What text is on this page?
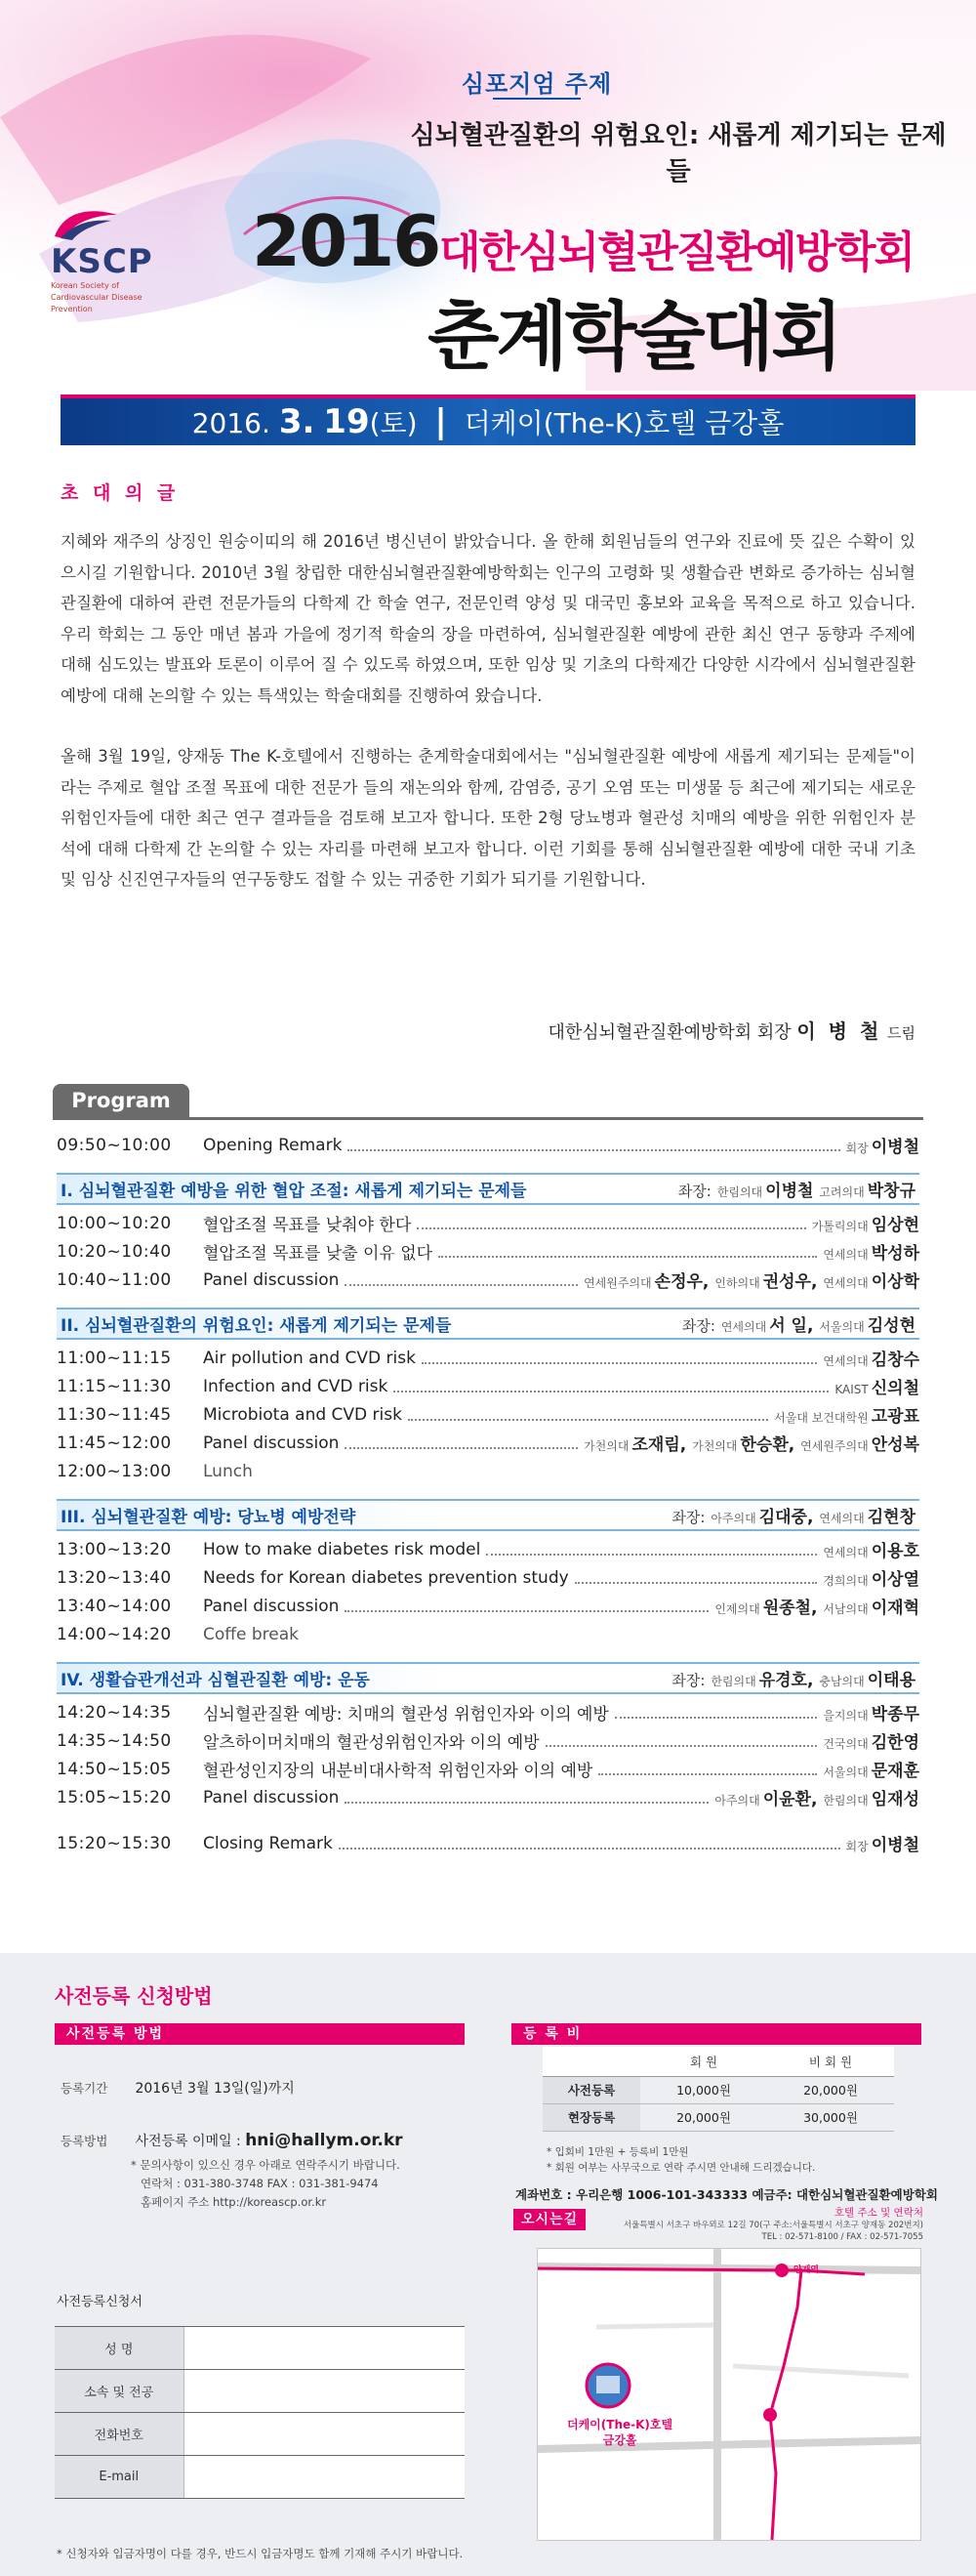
심포지엄 주제
심뇌혈관질환의 위험요인: 새롭게 제기되는 문제들
KSCP
Korean Society of
Cardiovascular Disease
Prevention
2016 대한심뇌혈관질환예방학회
춘계학술대회
2016. 3. 19(토) | 더케이(The-K)호텔 금강홀
초 대 의 글

지혜와 재주의 상징인 원숭이띠의 해 2016년 병신년이 밝았습니다. 올 한해 회원님들의 연구와 진료에 뜻 깊은 수확이 있으시길 기원합니다. 2010년 3월 창립한 대한심뇌혈관질환예방학회는 인구의 고령화 및 생활습관 변화로 증가하는 심뇌혈관질환에 대하여 관련 전문가들의 다학제 간 학술 연구, 전문인력 양성 및 대국민 홍보와 교육을 목적으로 하고 있습니다. 우리 학회는 그 동안 매년 봄과 가을에 정기적 학술의 장을 마련하여, 심뇌혈관질환 예방에 관한 최신 연구 동향과 주제에 대해 심도있는 발표와 토론이 이루어 질 수 있도록 하였으며, 또한 임상 및 기초의 다학제간 다양한 시각에서 심뇌혈관질환 예방에 대해 논의할 수 있는 특색있는 학술대회를 진행하여 왔습니다.

올해 3월 19일, 양재동 The K-호텔에서 진행하는 춘계학술대회에서는 "심뇌혈관질환 예방에 새롭게 제기되는 문제들"이라는 주제로 혈압 조절 목표에 대한 전문가 들의 재논의와 함께, 감염증, 공기 오염 또는 미생물 등 최근에 제기되는 새로운 위험인자들에 대한 최근 연구 결과들을 검토해 보고자 합니다. 또한 2형 당뇨병과 혈관성 치매의 예방을 위한 위험인자 분석에 대해 다학제 간 논의할 수 있는 자리를 마련해 보고자 합니다. 이런 기회를 통해 심뇌혈관질환 예방에 대한 국내 기초 및 임상 신진연구자들의 연구동향도 접할 수 있는 귀중한 기회가 되기를 기원합니다.

대한심뇌혈관질환예방학회 회장 이 병 철 드림
Program
09:50~10:00	Opening Remark	회장 이병철
I. 심뇌혈관질환 예방을 위한 혈압 조절: 새롭게 제기되는 문제들	좌장: 한림의대 이병철 고려의대 박창규
10:00~10:20	혈압조절 목표를 낮춰야 한다	가톨릭의대 임상현
10:20~10:40	혈압조절 목표를 낮출 이유 없다	연세의대 박성하
10:40~11:00	Panel discussion	연세원주의대 손정우, 인하의대 권성우, 연세의대 이상학
II. 심뇌혈관질환의 위험요인: 새롭게 제기되는 문제들	좌장: 연세의대 서 일, 서울의대 김성현
11:00~11:15	Air pollution and CVD risk	연세의대 김창수
11:15~11:30	Infection and CVD risk	KAIST 신의철
11:30~11:45	Microbiota and CVD risk	서울대 보건대학원 고광표
11:45~12:00	Panel discussion	가천의대 조재림, 가천의대 한승환, 연세원주의대 안성복
12:00~13:00	Lunch
III. 심뇌혈관질환 예방: 당뇨병 예방전략	좌장: 아주의대 김대중, 연세의대 김현창
13:00~13:20	How to make diabetes risk model	연세의대 이용호
13:20~13:40	Needs for Korean diabetes prevention study	경희의대 이상열
13:40~14:00	Panel discussion	인제의대 원종철, 서남의대 이재혁
14:00~14:20	Coffe break
IV. 생활습관개선과 심혈관질환 예방: 운동	좌장: 한림의대 유경호, 충남의대 이태용
14:20~14:35	심뇌혈관질환 예방: 치매의 혈관성 위험인자와 이의 예방	을지의대 박종무
14:35~14:50	알츠하이머치매의 혈관성위험인자와 이의 예방	건국의대 김한영
14:50~15:05	혈관성인지장의 내분비대사학적 위험인자와 이의 예방	서울의대 문재훈
15:05~15:20	Panel discussion	아주의대 이윤환, 한림의대 임재성
15:20~15:30	Closing Remark	회장 이병철
사전등록 신청방법
사전등록 방법
등록기간 2016년 3월 13일(일)까지
등록방법 사전등록 이메일 : hni@hallym.or.kr
* 문의사항이 있으신 경우 아래로 연락주시기 바랍니다.
연락처 : 031-380-3748 FAX : 031-381-9474
홈페이지 주소 http://koreascp.or.kr
사전등록신청서
성 명	
소속 및 전공	
전화번호	
E-mail	
* 신청자와 입금자명이 다를 경우, 반드시 입금자명도 함께 기재해 주시기 바랍니다.
등 록 비
	회 원	비 회 원
사전등록	10,000원	20,000원
현장등록	20,000원	30,000원
* 입회비 1만원 + 등록비 1만원
* 회원 여부는 사무국으로 연락 주시면 안내해 드리겠습니다.
계좌번호 : 우리은행 1006-101-343333 예금주: 대한심뇌혈관질환예방학회
오시는길	호텔 주소 및 연락처
서울특별시 서초구 바우뫼로 12길 70(구 주소:서울특별시 서초구 양재동 202번지)
TEL : 02-571-8100 / FAX : 02-571-7055
더케이(The-K)호텔
금강홀
양재역
